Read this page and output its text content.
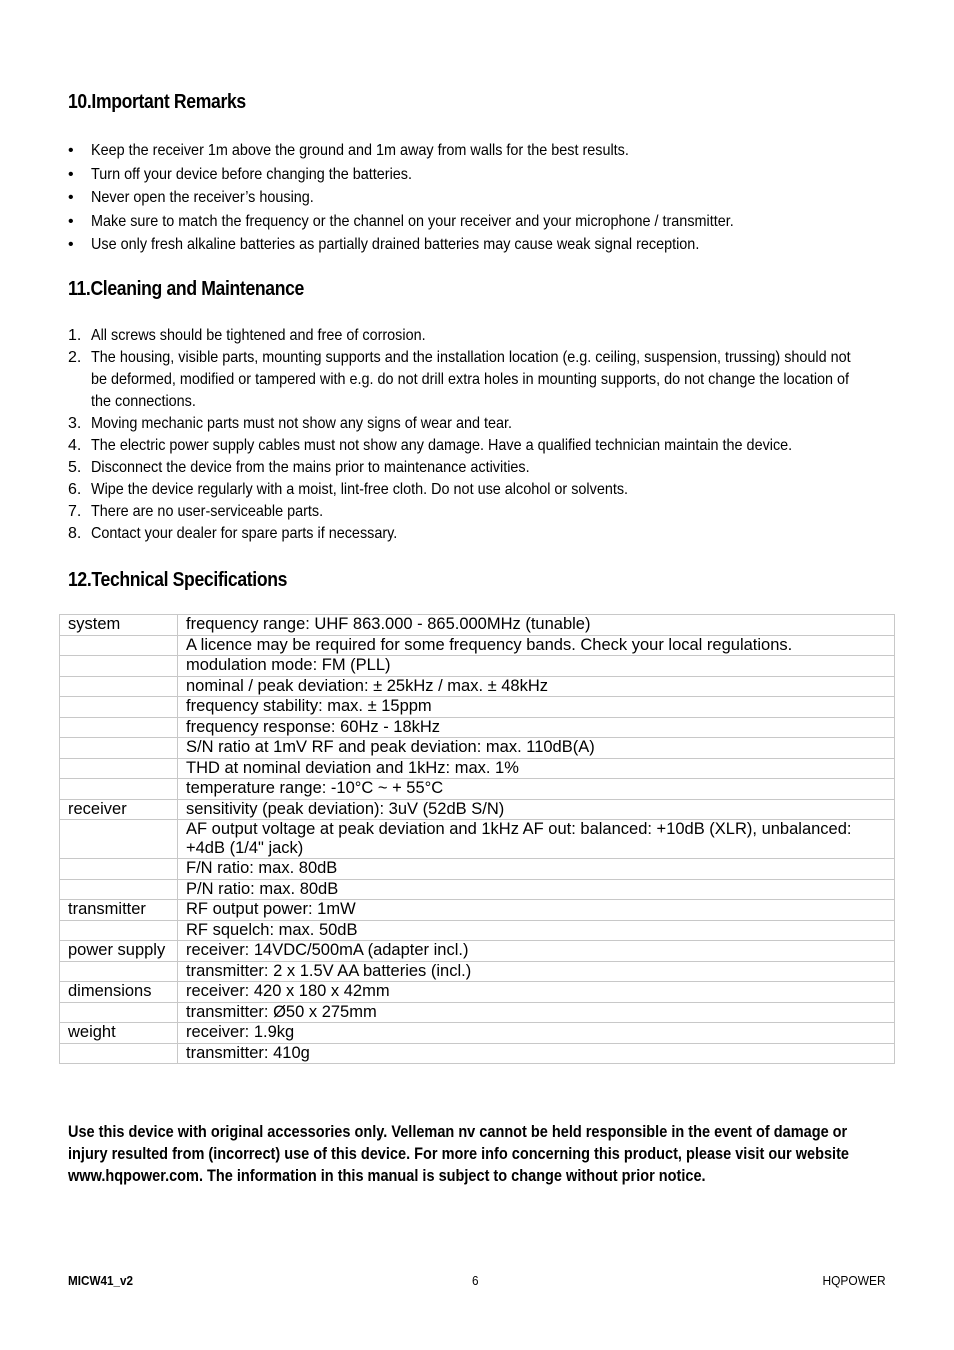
10.Important Remarks
•	Keep the receiver 1m above the ground and 1m away from walls for the best results.
•	Turn off your device before changing the batteries.
•	Never open the receiver’s housing.
•	Make sure to match the frequency or the channel on your receiver and your microphone / transmitter.
•	Use only fresh alkaline batteries as partially drained batteries may cause weak signal reception.
11.Cleaning and Maintenance
1. All screws should be tightened and free of corrosion.
2. The housing, visible parts, mounting supports and the installation location (e.g. ceiling, suspension, trussing) should not be deformed, modified or tampered with e.g. do not drill extra holes in mounting supports, do not change the location of the connections.
3. Moving mechanic parts must not show any signs of wear and tear.
4. The electric power supply cables must not show any damage. Have a qualified technician maintain the device.
5. Disconnect the device from the mains prior to maintenance activities.
6. Wipe the device regularly with a moist, lint-free cloth. Do not use alcohol or solvents.
7. There are no user-serviceable parts.
8. Contact your dealer for spare parts if necessary.
12.Technical Specifications
system	frequency range: UHF 863.000 - 865.000MHz (tunable)
	A licence may be required for some frequency bands. Check your local regulations.
	modulation mode: FM (PLL)
	nominal / peak deviation: ± 25kHz / max. ± 48kHz
	frequency stability: max. ± 15ppm
	frequency response: 60Hz - 18kHz
	S/N ratio at 1mV RF and peak deviation: max. 110dB(A)
	THD at nominal deviation and 1kHz: max. 1%
	temperature range: -10°C ~ + 55°C
receiver	sensitivity (peak deviation): 3uV (52dB S/N)
	AF output voltage at peak deviation and 1kHz AF out: balanced: +10dB (XLR), unbalanced: +4dB (1/4" jack)
	F/N ratio: max. 80dB
	P/N ratio: max. 80dB
transmitter	RF output power: 1mW
	RF squelch: max. 50dB
power supply	receiver: 14VDC/500mA (adapter incl.)
	transmitter: 2 x 1.5V AA batteries (incl.)
dimensions	receiver: 420 x 180 x 42mm
	transmitter: Ø50 x 275mm
weight	receiver: 1.9kg
	transmitter: 410g

Use this device with original accessories only. Velleman nv cannot be held responsible in the event of damage or injury resulted from (incorrect) use of this device. For more info concerning this product, please visit our website www.hqpower.com. The information in this manual is subject to change without prior notice.

MICW41_v2	6	HQPOWER
